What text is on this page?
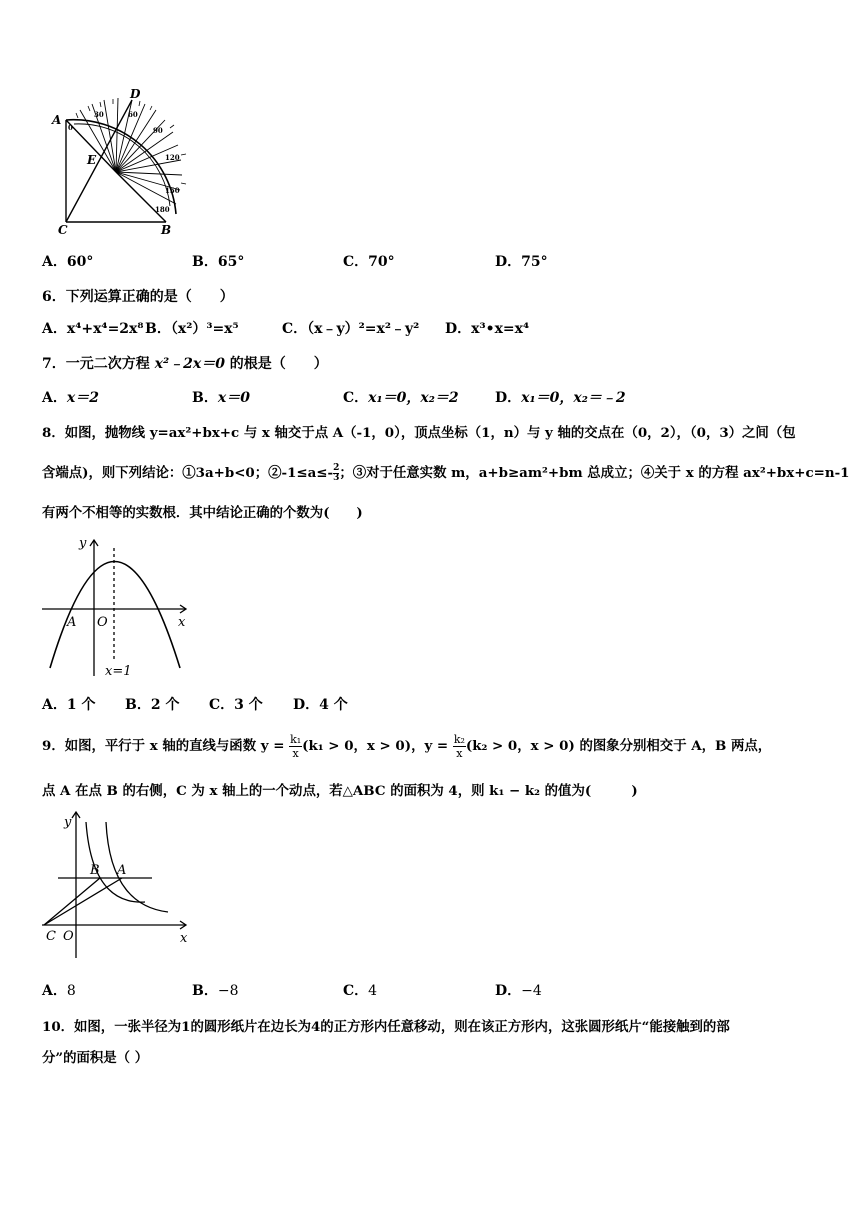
0
30	60
90
120
150
180
A
D
E
C	B
A．60°	B．65°	C．70°	D．75°
6．下列运算正确的是（　　）
A．x⁴+x⁴=2x⁸ B．（x²）³=x⁵	C．（x﹣y）²=x²﹣y² D．x³•x=x⁴
7．一元二次方程 x²﹣2x＝0 的根是（　　）
A．x＝2	B．x＝0	C．x₁＝0，x₂＝2	D．x₁＝0，x₂＝﹣2
8．如图，抛物线 y=ax²+bx+c 与 x 轴交于点 A（-1，0），顶点坐标（1，n）与 y 轴的交点在（0，2），（0，3）之间（包
含端点)，则下列结论：①3a+b<0；②-1≤a≤- $\frac{2}{3}$ ；③对于任意实数 m，a+b≥am²+bm 总成立；④关于 x 的方程 ax²+bx+c=n-1
有两个不相等的实数根．其中结论正确的个数为(　　)
y
x
A O
x=1
A．1 个 B．2 个 C．3 个 D．4 个
9．如图，平行于 x 轴的直线与函数 $y = \frac{\text{k₁}}{x} (k_1 > 0$，x > 0)，$y = \frac{\text{k₂}}{x} (k_2 > 0$，x > 0) 的图象分别相交于 A，B 两点，
点 A 在点 B 的右侧，C 为 x 轴上的一个动点，若△ABC 的面积为 4，则 k₁ − k₂ 的值为(　　　)
y
x
B A
C O
A．8	B．−8	C．4	D．−4
10．如图，一张半径为1的圆形纸片在边长为4的正方形内任意移动，则在该正方形内，这张圆形纸片“能接触到的部
分”的面积是（ ）
